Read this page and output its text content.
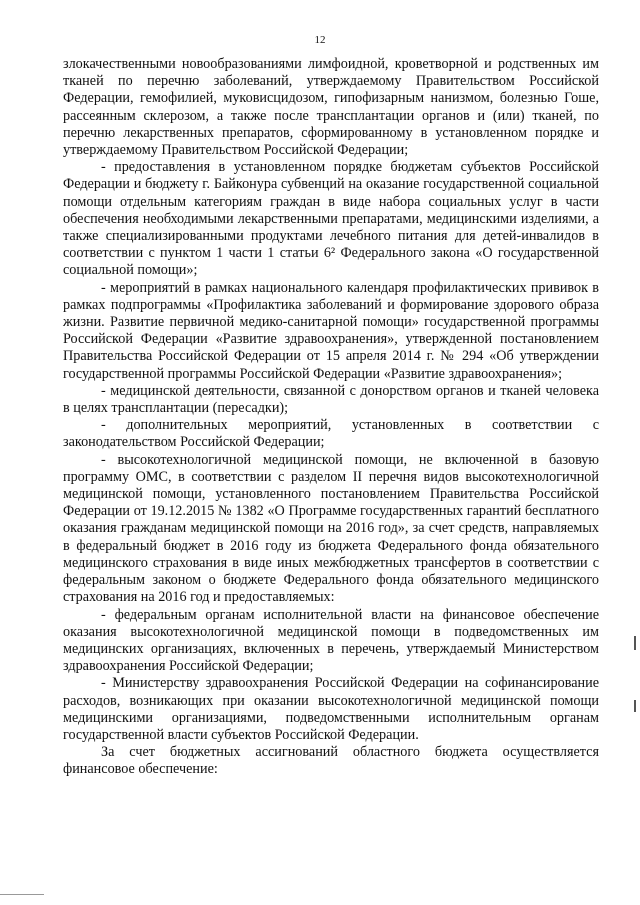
12

злокачественными новообразованиями лимфоидной, кроветворной и родственных им тканей по перечню заболеваний, утверждаемому Правительством Российской Федерации, гемофилией, муковисцидозом, гипофизарным нанизмом, болезнью Гоше, рассеянным склерозом, а также после трансплантации органов и (или) тканей, по перечню лекарственных препаратов, сформированному в установленном порядке и утверждаемому Правительством Российской Федерации;

- предоставления в установленном порядке бюджетам субъектов Российской Федерации и бюджету г. Байконура субвенций на оказание государственной социальной помощи отдельным категориям граждан в виде набора социальных услуг в части обеспечения необходимыми лекарственными препаратами, медицинскими изделиями, а также специализированными продуктами лечебного питания для детей-инвалидов в соответствии с пунктом 1 части 1 статьи 6² Федерального закона «О государственной социальной помощи»;

- мероприятий в рамках национального календаря профилактических прививок в рамках подпрограммы «Профилактика заболеваний и формирование здорового образа жизни. Развитие первичной медико-санитарной помощи» государственной программы Российской Федерации «Развитие здравоохранения», утвержденной постановлением Правительства Российской Федерации от 15 апреля 2014 г. № 294 «Об утверждении государственной программы Российской Федерации «Развитие здравоохранения»;

- медицинской деятельности, связанной с донорством органов и тканей человека в целях трансплантации (пересадки);

- дополнительных мероприятий, установленных в соответствии с законодательством Российской Федерации;

- высокотехнологичной медицинской помощи, не включенной в базовую программу ОМС, в соответствии с разделом II перечня видов высокотехнологичной медицинской помощи, установленного постановлением Правительства Российской Федерации от 19.12.2015 № 1382 «О Программе государственных гарантий бесплатного оказания гражданам медицинской помощи на 2016 год», за счет средств, направляемых в федеральный бюджет в 2016 году из бюджета Федерального фонда обязательного медицинского страхования в виде иных межбюджетных трансфертов в соответствии с федеральным законом о бюджете Федерального фонда обязательного медицинского страхования на 2016 год и предоставляемых:

- федеральным органам исполнительной власти на финансовое обеспечение оказания высокотехнологичной медицинской помощи в подведомственных им медицинских организациях, включенных в перечень, утверждаемый Министерством здравоохранения Российской Федерации;

- Министерству здравоохранения Российской Федерации на софинансирование расходов, возникающих при оказании высокотехнологичной медицинской помощи медицинскими организациями, подведомственными исполнительным органам государственной власти субъектов Российской Федерации.

За счет бюджетных ассигнований областного бюджета осуществляется финансовое обеспечение:
